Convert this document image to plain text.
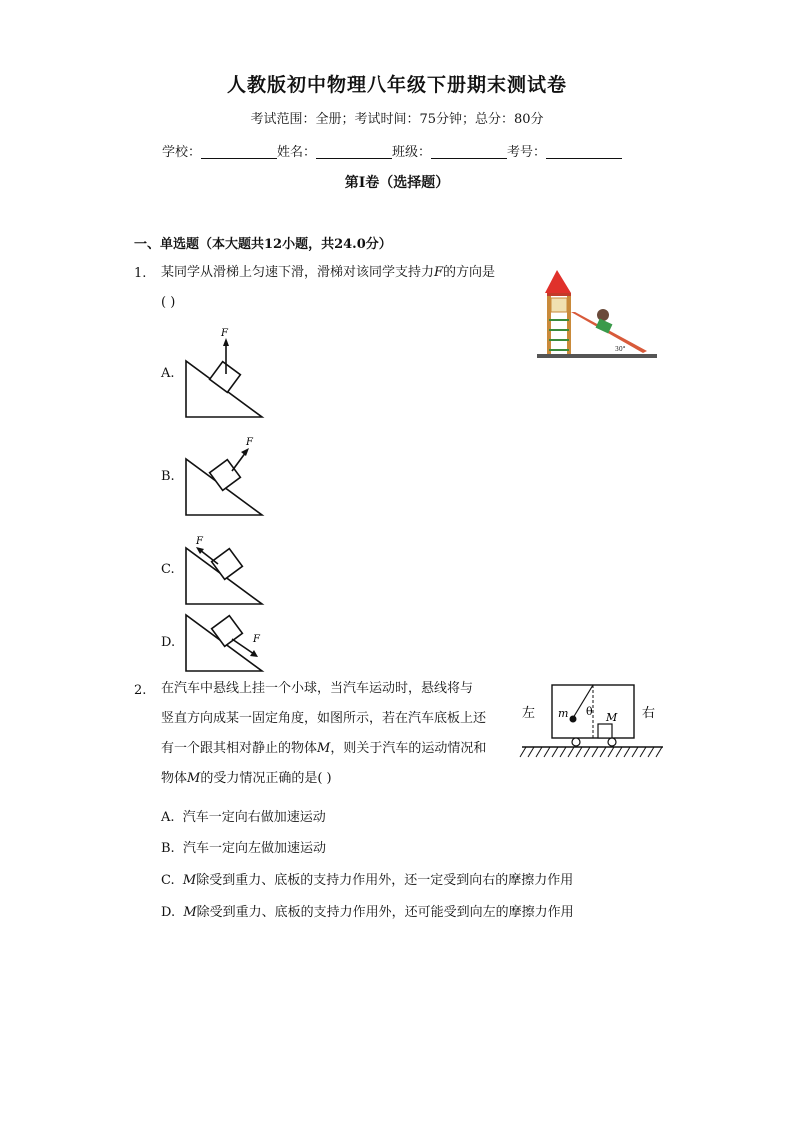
人教版初中物理八年级下册期末测试卷
考试范围：全册；考试时间：75分钟；总分：80分
学校：	姓名：	班级：	考号：
第I卷（选择题）
一、单选题（本大题共12小题，共24.0分）
1. 某同学从滑梯上匀速下滑，滑梯对该同学支持力F的方向是
( )
30°
A.
F
B.
F
C.
F
D.	F
2. 在汽车中悬线上挂一个小球，当汽车运动时，悬线将与
竖直方向成某一固定角度，如图所示，若在汽车底板上还
有一个跟其相对静止的物体M，则关于汽车的运动情况和
物体M的受力情况正确的是( )
左	右
m θ M
A. 汽车一定向右做加速运动
B. 汽车一定向左做加速运动
C. M除受到重力、底板的支持力作用外，还一定受到向右的摩擦力作用
D. M除受到重力、底板的支持力作用外，还可能受到向左的摩擦力作用
